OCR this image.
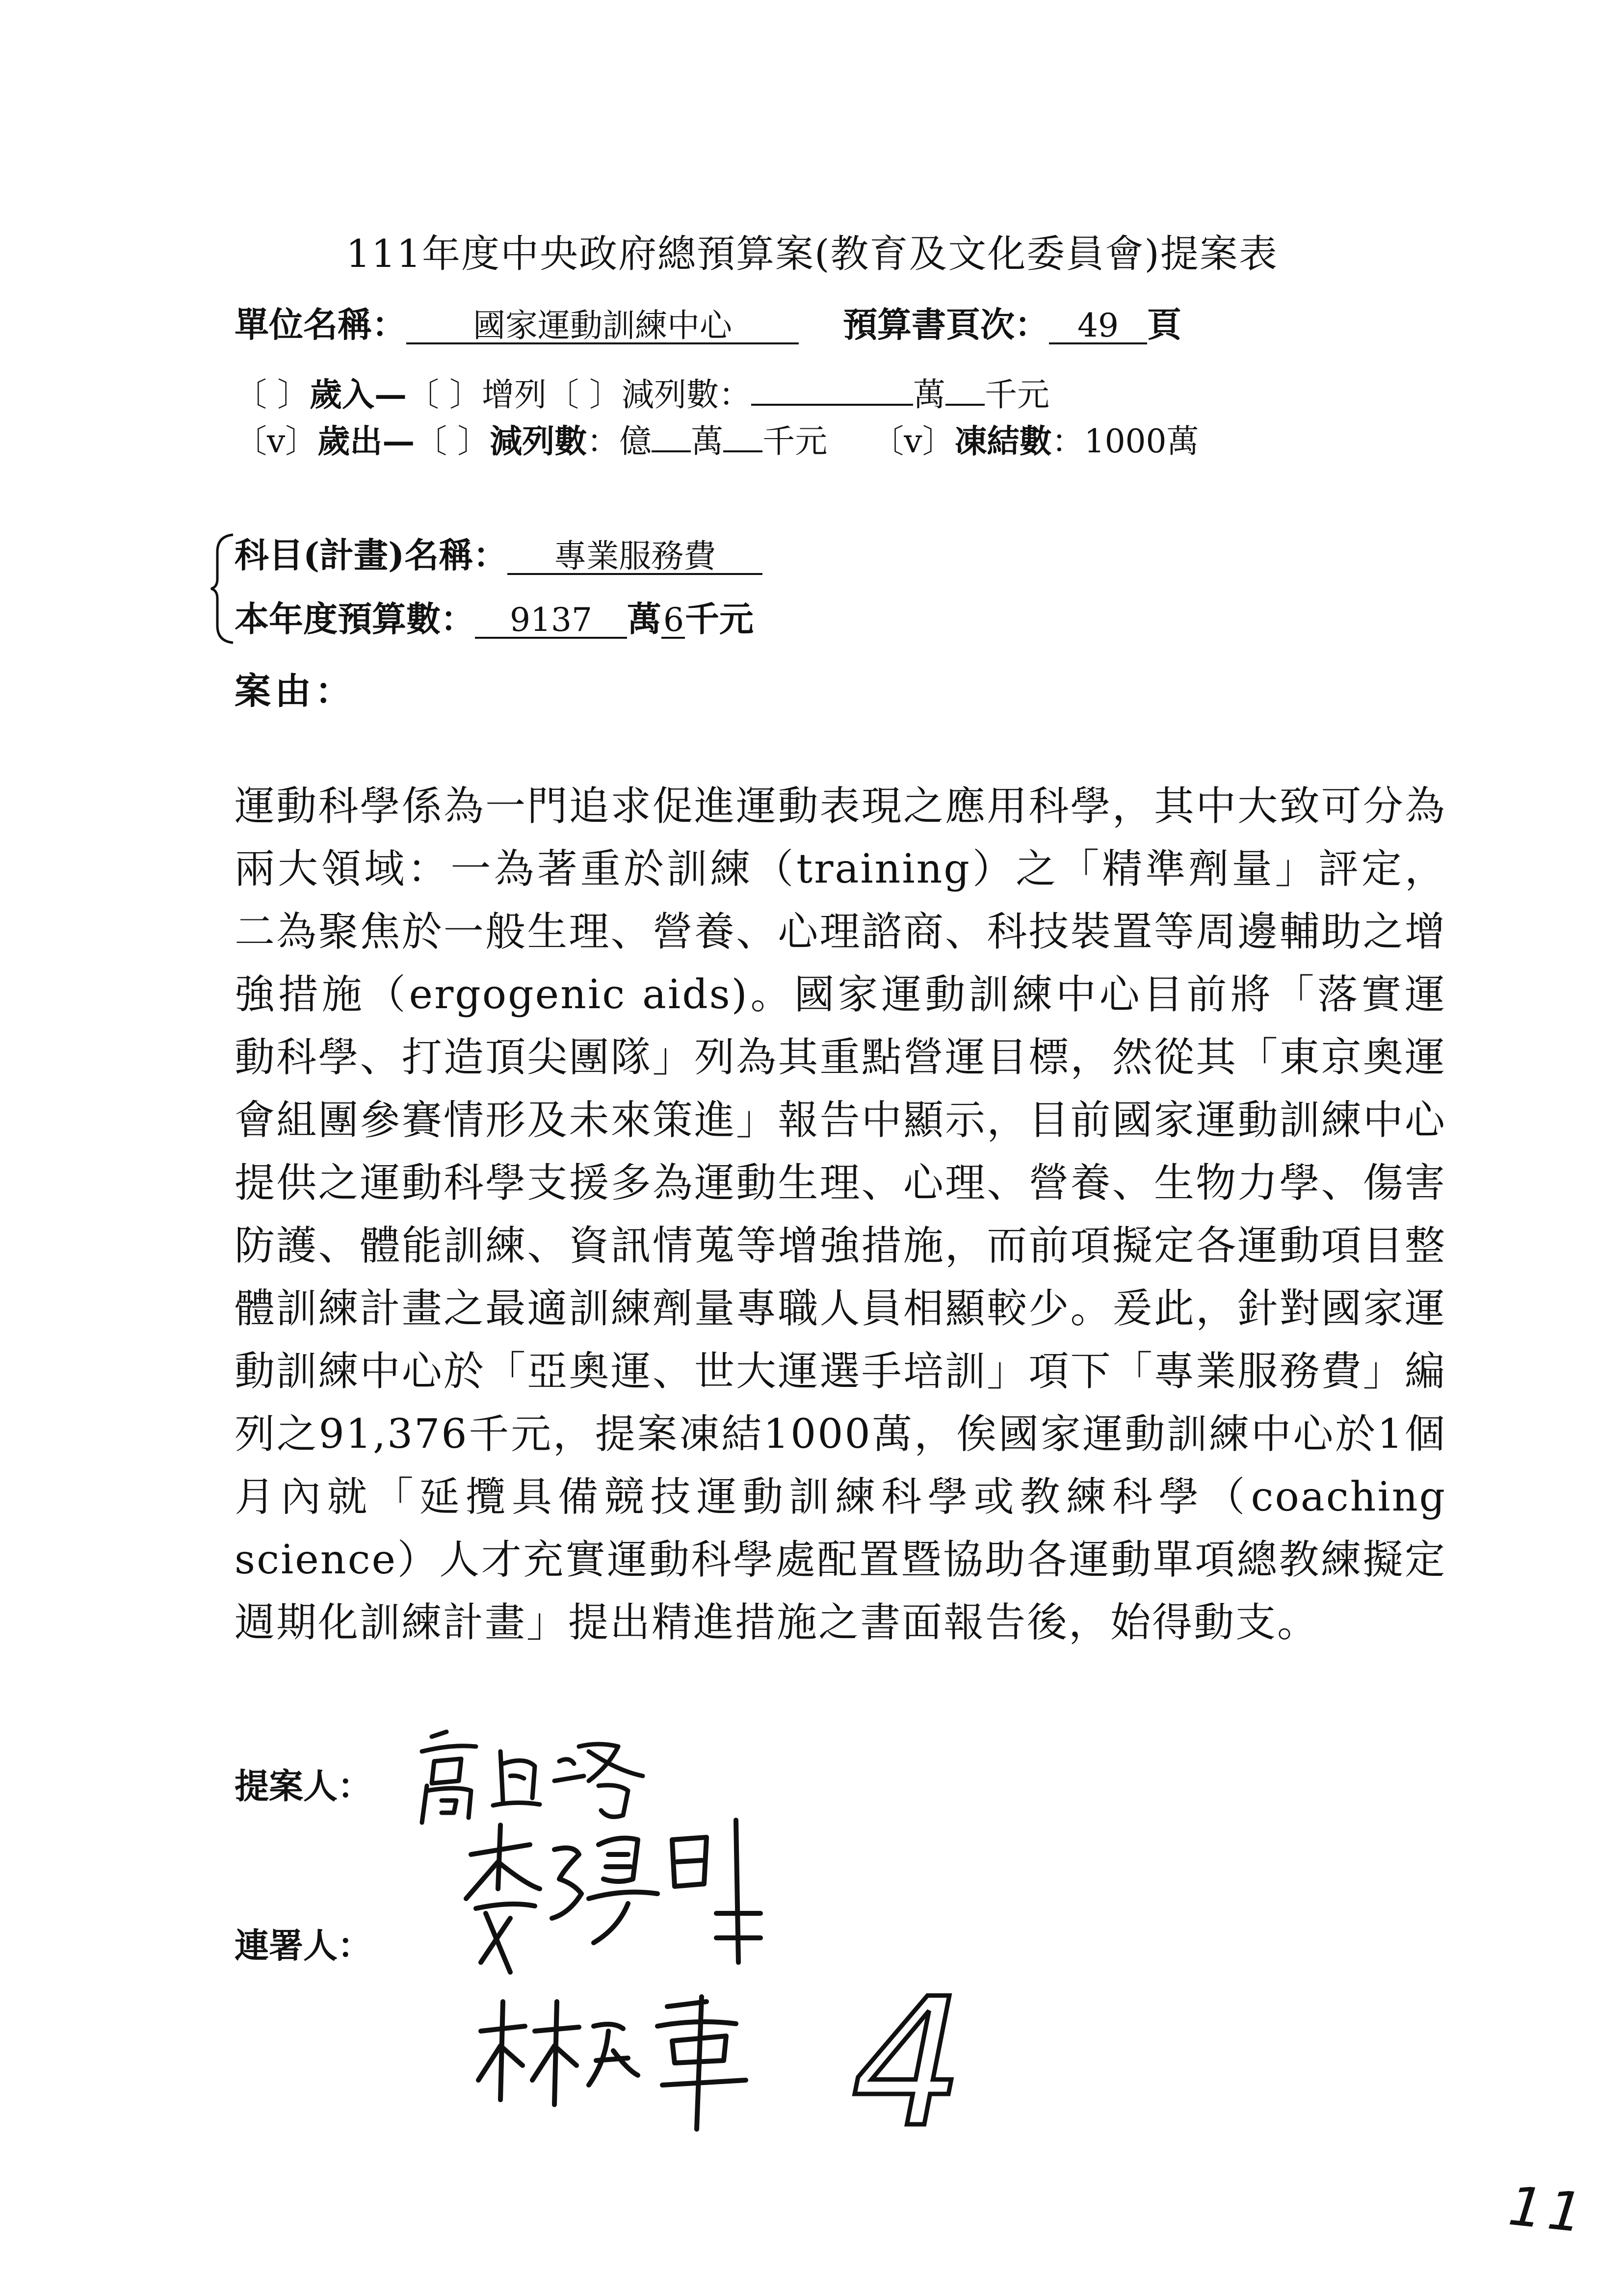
111年度中央政府總預算案(教育及文化委員會)提案表
單位名稱： 國家運動訓練中心	預算書頁次： 49 頁
〔 〕歲入—〔 〕增列〔 〕減列數：	萬 千元
〔v〕歲出—〔 〕減列數：億 萬 千元 〔v〕凍結數：1000萬
科目(計畫)名稱： 專業服務費
本年度預算數： 9137 萬6千元
案由：
運動科學係為一門追求促進運動表現之應用科學，其中大致可分為兩大領域：一為著重於訓練（training）之「精準劑量」評定，二為聚焦於一般生理、營養、心理諮商、科技裝置等周邊輔助之增強措施（ergogenic aids)。國家運動訓練中心目前將「落實運動科學、打造頂尖團隊」列為其重點營運目標，然從其「東京奧運會組團參賽情形及未來策進」報告中顯示，目前國家運動訓練中心提供之運動科學支援多為運動生理、心理、營養、生物力學、傷害防護、體能訓練、資訊情蒐等增強措施，而前項擬定各運動項目整體訓練計畫之最適訓練劑量專職人員相顯較少。爰此，針對國家運動訓練中心於「亞奧運、世大運選手培訓」項下「專業服務費」編列之91,376千元，提案凍結1000萬，俟國家運動訓練中心於1個月內就「延攬具備競技運動訓練科學或教練科學（coaching science）人才充實運動科學處配置暨協助各運動單項總教練擬定週期化訓練計畫」提出精進措施之書面報告後，始得動支。
提案人：
連署人：
4
11
